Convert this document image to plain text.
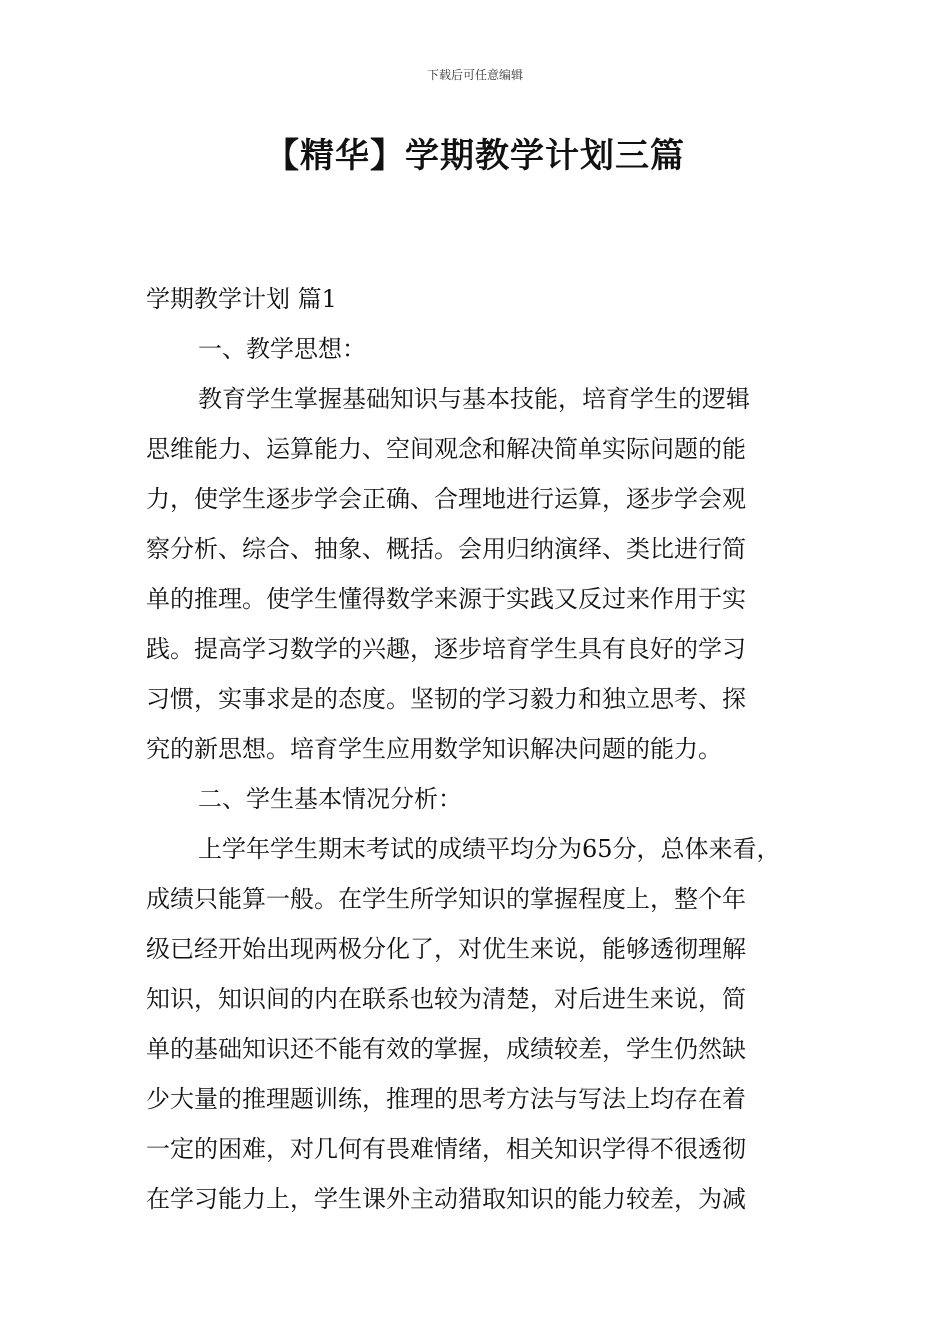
下载后可任意编辑
【精华】学期教学计划三篇
学期教学计划 篇1
一、教学思想：
教育学生掌握基础知识与基本技能，培育学生的逻辑
思维能力、运算能力、空间观念和解决简单实际问题的能
力，使学生逐步学会正确、合理地进行运算，逐步学会观
察分析、综合、抽象、概括。会用归纳演绎、类比进行简
单的推理。使学生懂得数学来源于实践又反过来作用于实
践。提高学习数学的兴趣，逐步培育学生具有良好的学习
习惯，实事求是的态度。坚韧的学习毅力和独立思考、探
究的新思想。培育学生应用数学知识解决问题的能力。
二、学生基本情况分析：
上学年学生期末考试的成绩平均分为65分，总体来看，
成绩只能算一般。在学生所学知识的掌握程度上，整个年
级已经开始出现两极分化了，对优生来说，能够透彻理解
知识，知识间的内在联系也较为清楚，对后进生来说，简
单的基础知识还不能有效的掌握，成绩较差，学生仍然缺
少大量的推理题训练，推理的思考方法与写法上均存在着
一定的困难，对几何有畏难情绪，相关知识学得不很透彻
在学习能力上，学生课外主动猎取知识的能力较差，为减
